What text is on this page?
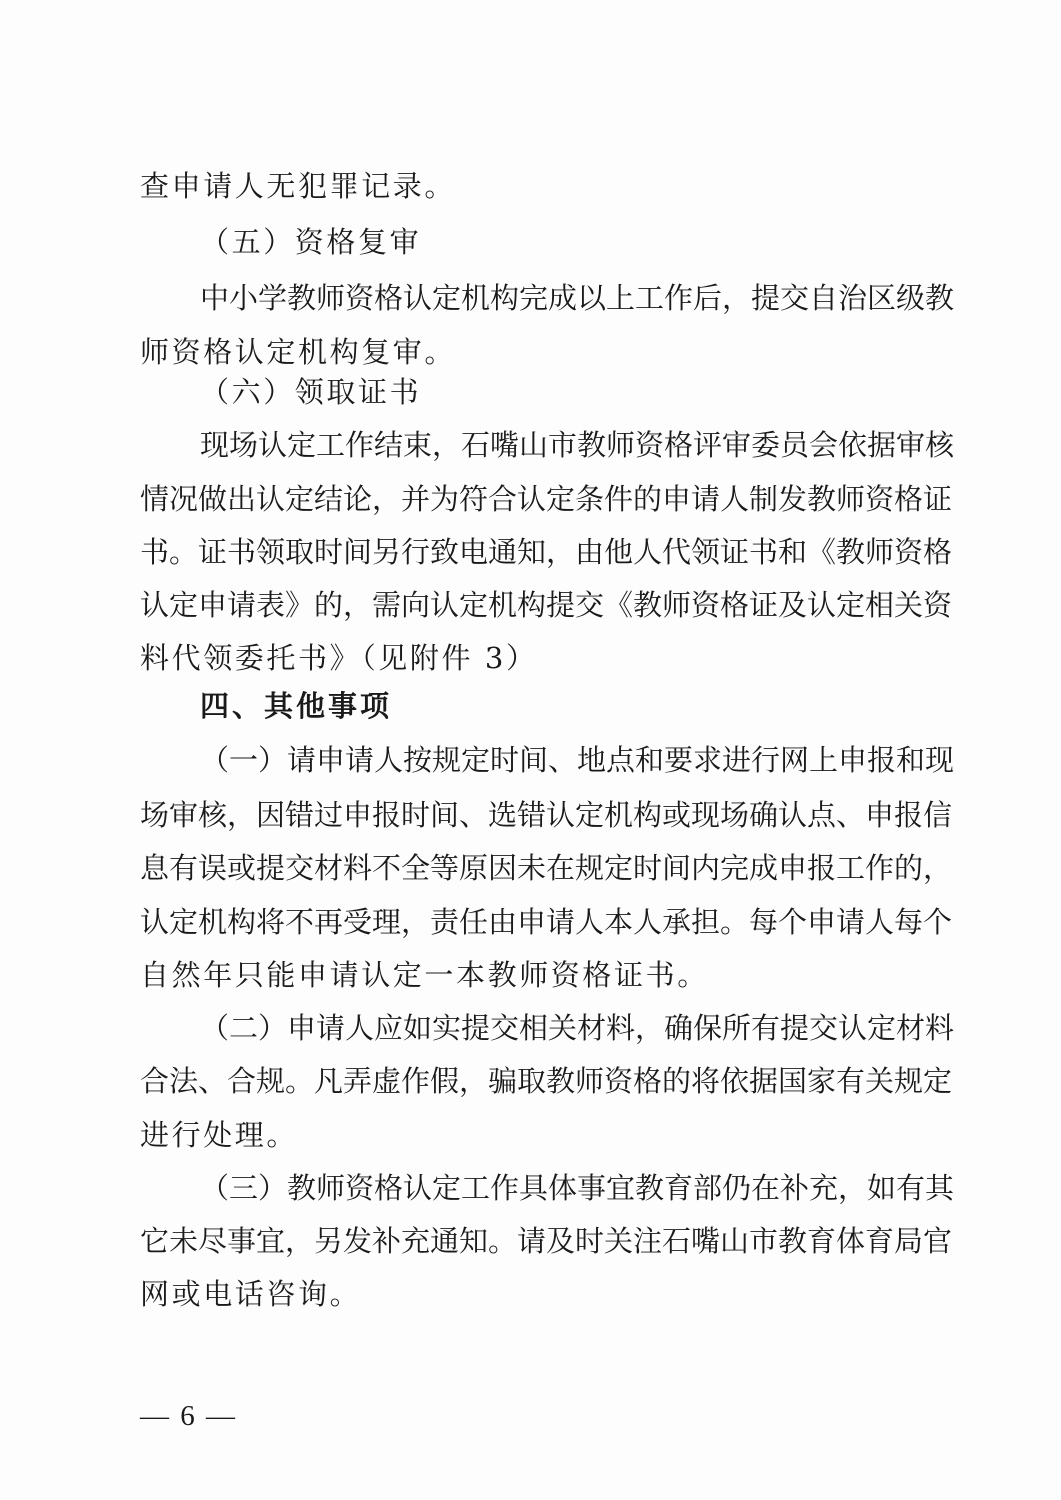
查申请人无犯罪记录。
（五）资格复审
中小学教师资格认定机构完成以上工作后，提交自治区级教
师资格认定机构复审。
（六）领取证书
现场认定工作结束，石嘴山市教师资格评审委员会依据审核
情况做出认定结论，并为符合认定条件的申请人制发教师资格证
书。证书领取时间另行致电通知，由他人代领证书和《教师资格
认定申请表》的，需向认定机构提交《教师资格证及认定相关资
料代领委托书》（见附件 3）
四、其他事项
（一）请申请人按规定时间、地点和要求进行网上申报和现
场审核，因错过申报时间、选错认定机构或现场确认点、申报信
息有误或提交材料不全等原因未在规定时间内完成申报工作的，
认定机构将不再受理，责任由申请人本人承担。每个申请人每个
自然年只能申请认定一本教师资格证书。
（二）申请人应如实提交相关材料，确保所有提交认定材料
合法、合规。凡弄虚作假，骗取教师资格的将依据国家有关规定
进行处理。
（三）教师资格认定工作具体事宜教育部仍在补充，如有其
它未尽事宜，另发补充通知。请及时关注石嘴山市教育体育局官
网或电话咨询。
— 6 —
